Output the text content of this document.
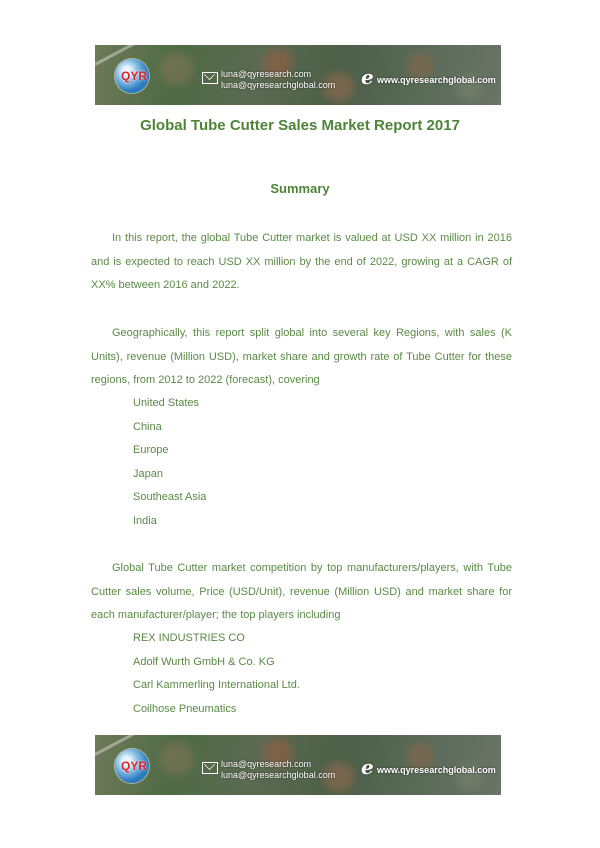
QYR	luna@qyresearch.com
luna@qyresearchglobal.com e www.qyresearchglobal.com
Global Tube Cutter Sales Market Report 2017
Summary
In this report, the global Tube Cutter market is valued at USD XX million in 2016 and is expected to reach USD XX million by the end of 2022, growing at a CAGR of XX% between 2016 and 2022.
Geographically, this report split global into several key Regions, with sales (K Units), revenue (Million USD), market share and growth rate of Tube Cutter for these regions, from 2012 to 2022 (forecast), covering
United States
China
Europe
Japan
Southeast Asia
India
Global Tube Cutter market competition by top manufacturers/players, with Tube Cutter sales volume, Price (USD/Unit), revenue (Million USD) and market share for each manufacturer/player; the top players including
REX INDUSTRIES CO
Adolf Wurth GmbH & Co. KG
Carl Kammerling International Ltd.
Coilhose Pneumatics
QYR	luna@qyresearch.com
luna@qyresearchglobal.com e www.qyresearchglobal.com
